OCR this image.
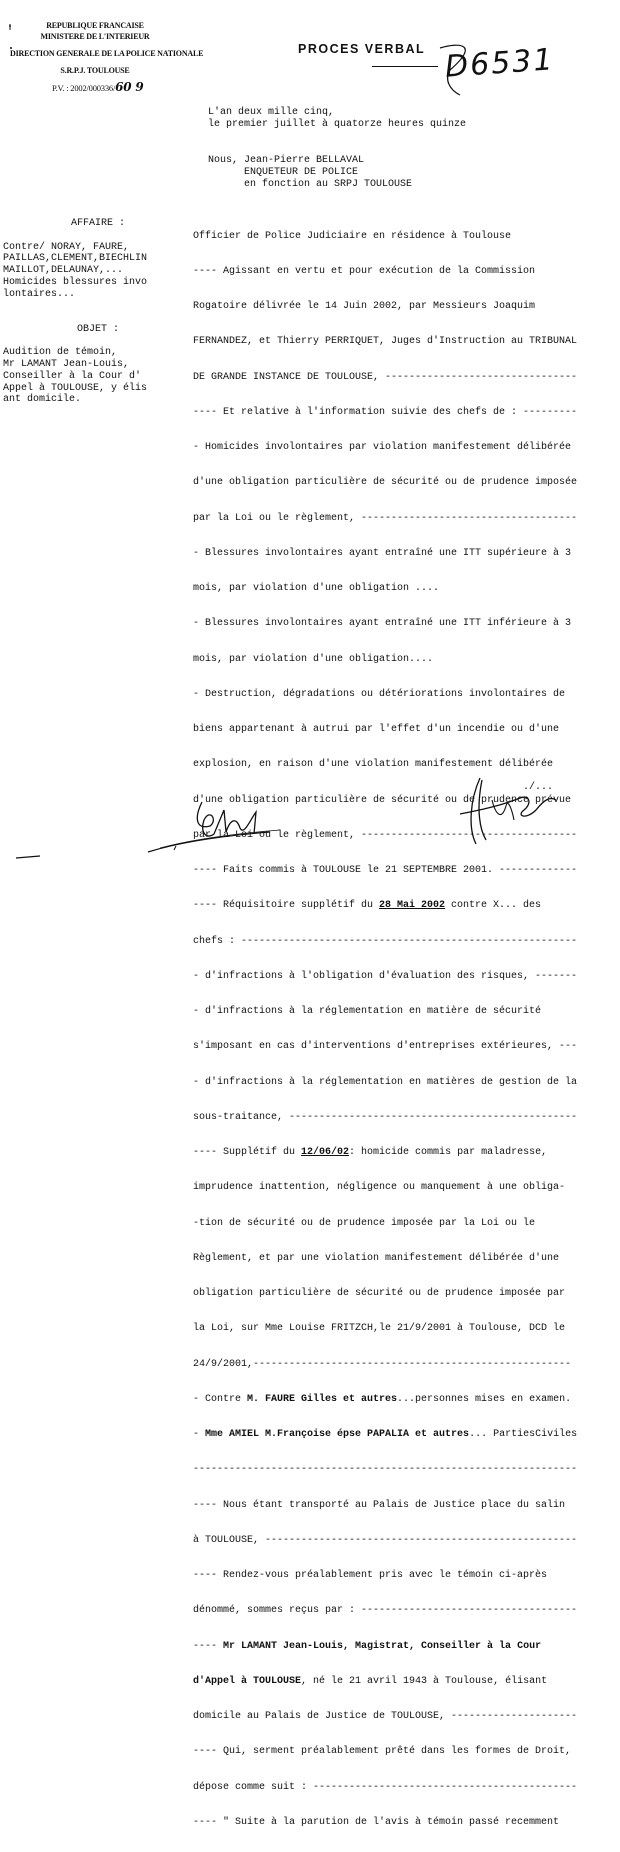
REPUBLIQUE FRANCAISE
MINISTERE DE L'INTERIEUR
DIRECTION GENERALE DE LA POLICE NATIONALE
S.R.P.J. TOULOUSE
P.V. : 2002/000336/60 9
PROCES VERBAL D6531
L'an deux mille cinq,
le premier juillet à quatorze heures quinze
Nous, Jean-Pierre BELLAVAL
ENQUETEUR DE POLICE
en fonction au SRPJ TOULOUSE
AFFAIRE :

Contre/ NORAY, FAURE,
PAILLAS,CLEMENT,BIECHLIN
MAILLOT,DELAUNAY,...
Homicides blessures invo
lontaires...

OBJET :

Audition de témoin,
Mr LAMANT Jean-Louis,
Conseiller à la Cour d'
Appel à TOULOUSE, y élis
ant domicile.

Officier de Police Judiciaire en résidence à Toulouse

---- Agissant en vertu et pour exécution de la Commission

Rogatoire délivrée le 14 Juin 2002, par Messieurs Joaquim

FERNANDEZ, et Thierry PERRIQUET, Juges d'Instruction au TRIBUNAL

DE GRANDE INSTANCE DE TOULOUSE, --------------------------------

---- Et relative à l'information suivie des chefs de : ---------

- Homicides involontaires par violation manifestement délibérée

d'une obligation particulière de sécurité ou de prudence imposée

par la Loi ou le règlement, ------------------------------------

- Blessures involontaires ayant entraîné une ITT supérieure à 3

mois, par violation d'une obligation ....

- Blessures involontaires ayant entraîné une ITT inférieure à 3

mois, par violation d'une obligation....

- Destruction, dégradations ou détériorations involontaires de

biens appartenant à autrui par l'effet d'un incendie ou d'une

explosion, en raison d'une violation manifestement délibérée

d'une obligation particulière de sécurité ou de prudence prévue

par la Loi ou le règlement, ------------------------------------

---- Faits commis à TOULOUSE le 21 SEPTEMBRE 2001. -------------

---- Réquisitoire supplétif du 28 Mai 2002 contre X... des

chefs : --------------------------------------------------------

- d'infractions à l'obligation d'évaluation des risques, -------

- d'infractions à la réglementation en matière de sécurité

s'imposant en cas d'interventions d'entreprises extérieures, ---

- d'infractions à la réglementation en matières de gestion de la

sous-traitance, ------------------------------------------------

---- Supplétif du 12/06/02: homicide commis par maladresse,

imprudence inattention, négligence ou manquement à une obliga-

-tion de sécurité ou de prudence imposée par la Loi ou le

Règlement, et par une violation manifestement délibérée d'une

obligation particulière de sécurité ou de prudence imposée par

la Loi, sur Mme Louise FRITZCH,le 21/9/2001 à Toulouse, DCD le

24/9/2001,-----------------------------------------------------

- Contre M. FAURE Gilles et autres...personnes mises en examen.

- Mme AMIEL M.Françoise épse PAPALIA et autres... PartiesCiviles

----------------------------------------------------------------

---- Nous étant transporté au Palais de Justice place du salin

à TOULOUSE, ----------------------------------------------------

---- Rendez-vous préalablement pris avec le témoin ci-après

dénommé, sommes reçus par : ------------------------------------

---- Mr LAMANT Jean-Louis, Magistrat, Conseiller à la Cour

d'Appel à TOULOUSE, né le 21 avril 1943 à Toulouse, élisant

domicile au Palais de Justice de TOULOUSE, ---------------------

---- Qui, serment préalablement prêté dans les formes de Droit,

dépose comme suit : --------------------------------------------

---- " Suite à la parution de l'avis à témoin passé recemment

./...
